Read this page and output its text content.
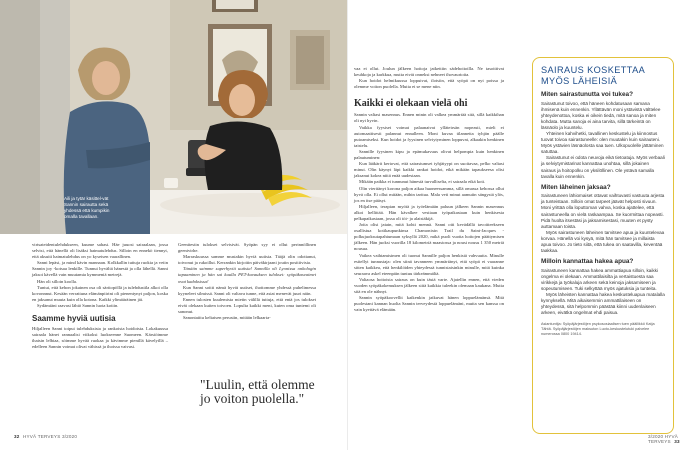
Aili ja tytär käsittel-vät Sannin sairautta sekä yhdessä että kumpikin omalla tavallaan.

virtsateidentulehdukseen, kuume sahasi. Häe juuosi sairaalaan, jossa selvisi, että hänellä oli lisäksi haimatulehdus. Silloin en ennekö tiennyt, että aksuiti haimatulehdus on yo kyseisen vaarallinen.

Sanni lepäsi, ja mind kävin mannaan. Kolkkallin tuttuja ruokia ja veiin Sannin joy -kotsaa lenkille. Tunnui hyvältä hänestä ja olla lähellä. Sanni jaksoi kävellä vain muutamia kymmeniä metrejä.

Hän oli silloin koolla.

Tuntui, että kehon jokainen osa oli särtiopöllä ja tulehdustila alkoi olla kovonnnut. Kesään verrattuna elämänpiirini oli pienentynyt paljon, koska en jaksanut muuta kuin olla kotona. Kaikki ylimääräinen jäi.

Sydämiäni raavasi lähtö Sannin luota kotiin.

Saamme hyviä uutisia

Hiljalleen Sanni toipui tulehduksista ja rankoista hoidoista. Lokakuussa sairaala hänet rannaalisi viikoksi luokseenne Suomeen. Kärsiöimme ihaisin lelbiaa, söimme hyvää ruokaa ja kävimme pienillä kävelyillä – edelleen Sannin voimat olivat vähissä ja ihoissa vaivasi.

Geenitestin tulokset selvisivät. Syöpän syy ei ollut perinnöllinen geenivirhe.

Marraskuussa samme mustakin hyviä uutisia. Tääjä olin odottanut, toivonut ja rukoillut. Kerrankin kirjoitin päiväkirjaani joutin positiivisia.

Tänään saimme superhyviä uutisia! Sannilla oli Lyonissa onkologin tapaaminen ja hän sai kuulla PET-kuvauksen tulokset: syöpäkasvaimet ovat kadoksissa!

Kun Sanni soitti nämä hyvät uutiset, ihottomme yhdessä puhelimessa kyyneleet silmissä. Sanni oli valtava tunne, että asiat menevät juuri näin.

Ennen tulosten kuulemista mietin välillä tuttuja, että entä jos tulokset eivät olekaan kuiten toivoen. Lopulta kaikki meni, kuten oma tuntemi oli sanonut.

Sanontaiitu keltaisen perustin, mitään lelkaarta-

"Luulin, että olemme jo voiton puolella."
32 HYVÄ TERVEYS 3/2020

vaa ei ollut. Joulun jälkeen hoitoja jatkettiin sädehoitoilla. Ne tasoittivat keuhkoja ja karkkua, mutta eivät onneksi nehneet ihovaurioita.

Kun hoidot helmikuussa loppuivat, ilotsiin, että syöpä on nyt poissa ja olemme voiton puolella. Mutta ei se mene niin.

Kaikki ei olekaan vielä ohi

Sannin valtasi masennus. Ennen mtnin oli valkea ymmärtää sitä, sillä kaikkihan oli nyt hyvin.

Vaikka fyysiset voimat palaanaivat ylläteirsän nopeasti, mieli ei automaattisesti palannut ennalleen. Moni kuvaa tilannetta tyhjän päälle putoamiseksi. Kun hoidot ja fyysinen selviytyminen loppuvat, alkaakin henkinen taistelu.

Sannille fyysinen kipu ja epämukavuus olivat helpompia kuin henkinen palautuminen:

Kun lääkärit kertovat, että sairastumset tyhjätyypi on suoitavaa, pelko valtasi minut. Olin käynyt läpi kaikki rankat hoidot, eikä mikään tapaukseesa olisi jaksanut kokea niitä enää uudestaan.

Mikään paikka ei tunnunut hänestä turvalliselta, ei sairaala eikä koti.

Olin vieritänyt korona paljon aikaa huoneessamma, sillä omassa kehossa ollut hyvä olla. Ei ollut mitään, mihin tarttua. Mala veti minut aamuiin sängystä ylös, jos en itse pääsyt.

Hiljalleen, terapian myötä ja työelämään paluun jälkeen Sannin masennus alkoi hellittää. Hän kävalkee vestiaan työpaikastaan kuin henkisesta pelkapaikastaan, jossa oli töi- ja alaistäkijä.

Joita olisi jatain, mitä kohti mennä. Sanni otti kevädällä tavoitteekseen osallistua kotikaupunkinsa Chamonixin Trail du Saint-Jacques -polkujuoksutapahtumaan syksyllä 2020, mikä puoli vuotta hoitojen päättymisen jälkeen. Hän juoksi vuorilla 18 kilometriä maastossa ja nousi nousu 1 350 metriä nousua.

Vaikea vaihtamisimen oli tuonut Sannille paljon henkistä vahvuutta. Minulle esitellyt tunnustaja: olen siinä tavanneen ymmärtänyt, että syöpä ei vaaranne sitten kaikkea, että henkilöiden yhteydessä tunnistaisinkin minulle, mitä kuinka seuraava askel eteenpäin tuntuu tärkeämmältä.

Valtaosa hoitoista sairaus on kuin tästä varte. Ajatellin ennen, että vieden vuoden syöpäkokemuksen jälkeen siitä kaikkia tuleekin olemaan kaukana. Mutta sitä en ole nähnyt.

Sannin syöpäkoovellit kaikenkin jatkuvat hänen loppuelämänsä. Mitä puolestani kannan huolta Sannin terveydestä loppuelämäni, mutta sen kanssa on vain kyettävä elämään.

3/2020 HYVÄ TERVEYS 33
SAIRAUS KOSKETTAA MYÖS LÄHEISIÄ
Miten sairastunutta voi tukea?

Sairastunut toivoo, että häneen kohdatusaan samana ihmisenä kuin ennenkin. Yllättävän moni ystävistä vältteleе yhteydenottoa, koska ei oikein tiedä, mitä sanoa ja miten kohdata. Mutta sanoja ei aina tarvita, sillä tärkeintä on läsnäolo ja kuuntelu.

Yhteinen kahvihetki, tavallinen keskustelu ja kiinnostus tuovat toivoa sairastuneelle: olen muutakin kuin sairauteni. Myös ystävien läsnäolosta saa tuen. Ulkopuolelle jättäminen satuttaa.

Sairastunut ei odota neuvoja eikä tietoatuja. Myös verbaali ja selviytymistarinat kannattaa unohtaa, sillä jokainen sairaus ja hoitopolku on yksilöllinen. Ole ystävä samalla tavalla kuin ennenkin.

Miten läheinen jaksaa?

Sairastuneen lähiomaiset ottavat vaihtuvasti vastuuta arjesta ja tunteistaan. Silloin omat tarpeet jäävät helposti sivuun. Moni yrittää olla loputtoman vahva, koska ajattelee, että sairastuneella on vielä raskaampaa. Se kuormittaa nopeasti. Pidä huolta itsestäsi ja jaksamisestasi, muuten et pysty auttamaan toista.

Myös sairastuneen läheinen tarvitsee apua ja kuuntelevaa korvaa. Hänellä voi kysyä, mitä hän tarvitsee ja millaista apua toivoo. Jo tieto siitä, että tukea on saatavilla, keventää taakkaa.

Milloin kannattaa hakea apua?

Sairastuneen kannattaa hakea ammattiapua silloin, kaikki ongelma ei olekaan. Ammattilaisilta ja vertaistuesta saa virikkejä ja työkaluja arkeen sekä keinoja jaksamiseen ja sopeutumiseen. Tuki selkyttää myös ajatuksia ja tunteita.

Myös läheisten kannattaa hakea keskusteluapua matalalla kynnyksellä. Mitä aikaisemmin ammattilaiseen on yhteydessä, sitä helpommin päästää kiinni uudenlaiseen arkeen, eivätkä ongelmat ehdi paisua.

Asiantuntija: Syöpäjärjestöjen psykososiaalisen tuen päällikkö Katja Tähtä. Syöpäjärjestöjen maksuton Luoto-keskustelutuki palvelee numerossa 0800 19414.
